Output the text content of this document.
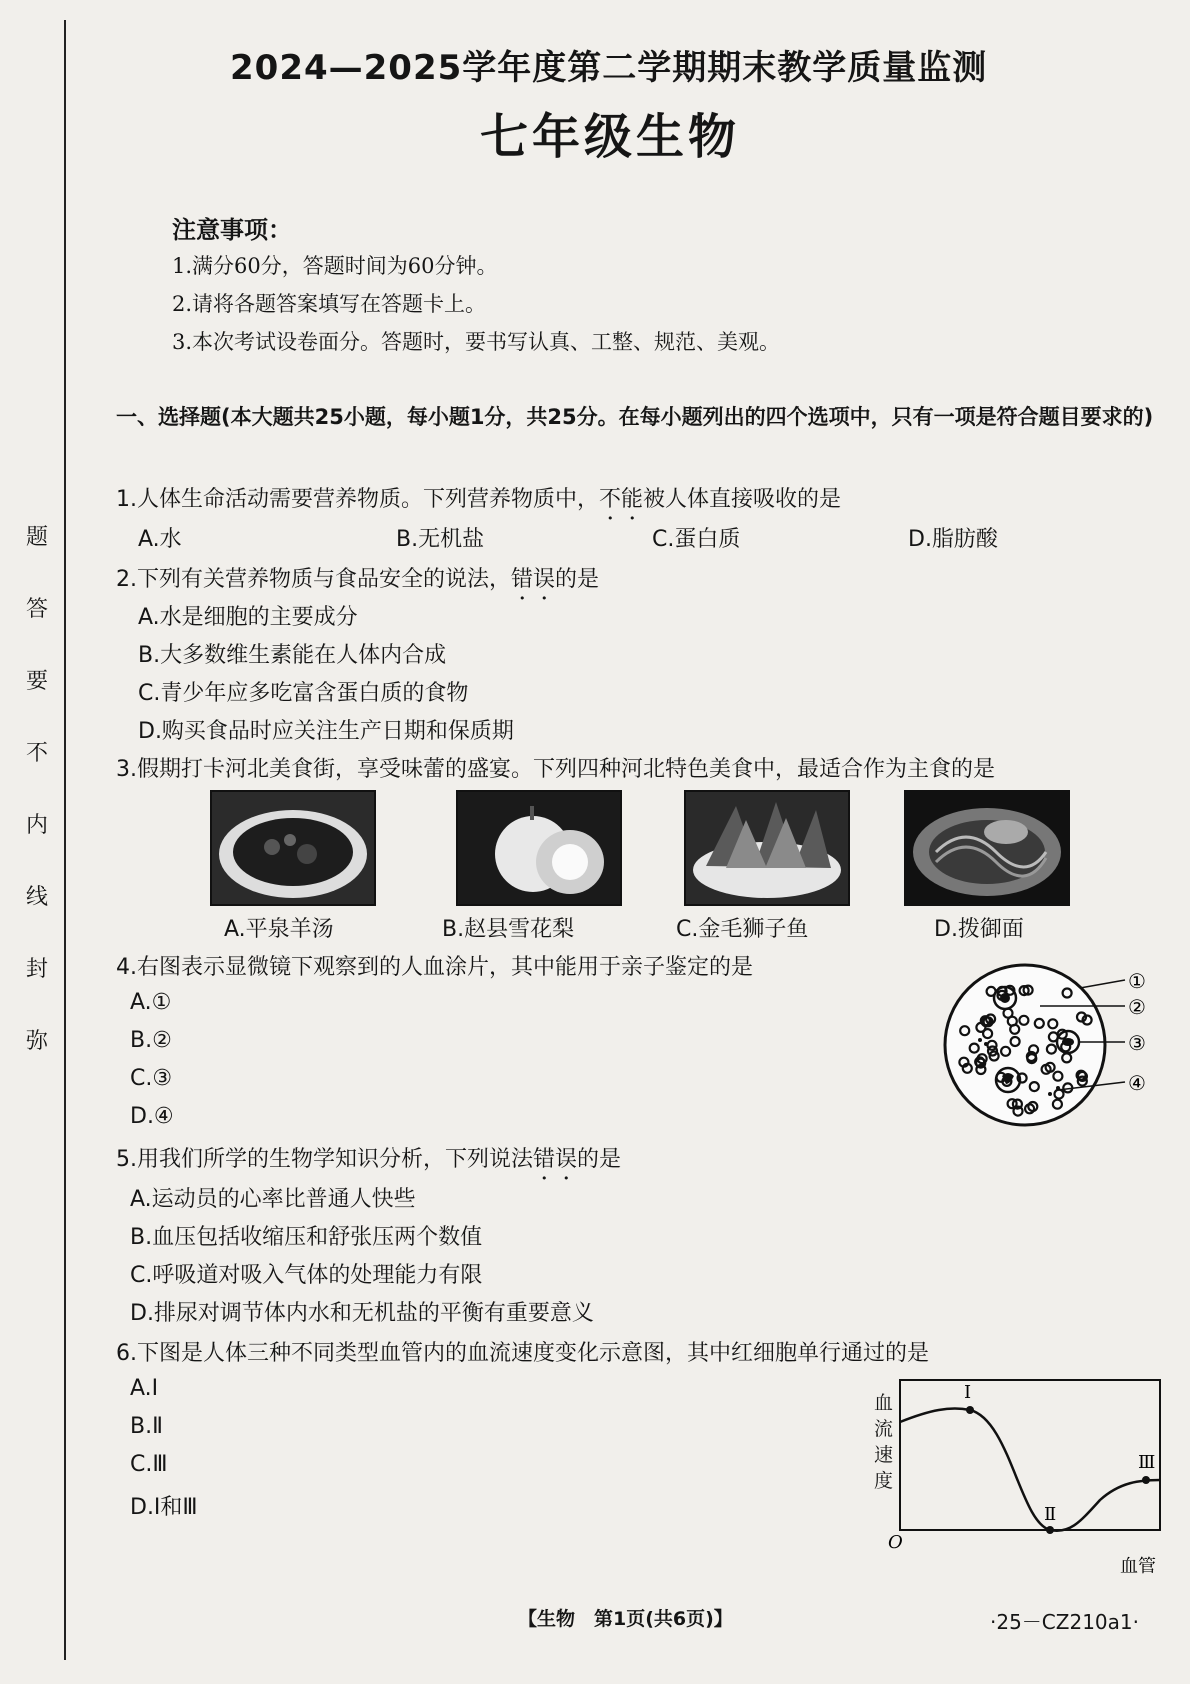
题
答
要
不
内
线
封
弥
2024—2025学年度第二学期期末教学质量监测
七年级生物
注意事项：
1.满分60分，答题时间为60分钟。
2.请将各题答案填写在答题卡上。
3.本次考试设卷面分。答题时，要书写认真、工整、规范、美观。
一、选择题(本大题共25小题，每小题1分，共25分。在每小题列出的四个选项中，只有一项是符合题目要求的)
1.人体生命活动需要营养物质。下列营养物质中，不能被人体直接吸收的是
A.水	B.无机盐	C.蛋白质	D.脂肪酸
2.下列有关营养物质与食品安全的说法，错误的是
A.水是细胞的主要成分
B.大多数维生素能在人体内合成
C.青少年应多吃富含蛋白质的食物
D.购买食品时应关注生产日期和保质期
3.假期打卡河北美食街，享受味蕾的盛宴。下列四种河北特色美食中，最适合作为主食的是
A.平泉羊汤	B.赵县雪花梨	C.金毛狮子鱼	D.拨御面
4.右图表示显微镜下观察到的人血涂片，其中能用于亲子鉴定的是
A.①
B.②
C.③
D.④
①
②
③
④
5.用我们所学的生物学知识分析，下列说法错误的是
A.运动员的心率比普通人快些
B.血压包括收缩压和舒张压两个数值
C.呼吸道对吸入气体的处理能力有限
D.排尿对调节体内水和无机盐的平衡有重要意义
6.下图是人体三种不同类型血管内的血流速度变化示意图，其中红细胞单行通过的是
A.Ⅰ
B.Ⅱ
C.Ⅲ
D.Ⅰ和Ⅲ
Ⅰ
Ⅱ
Ⅲ
O
血管
血流速度
【生物　第1页(共6页)】	·25－CZ210a1·
